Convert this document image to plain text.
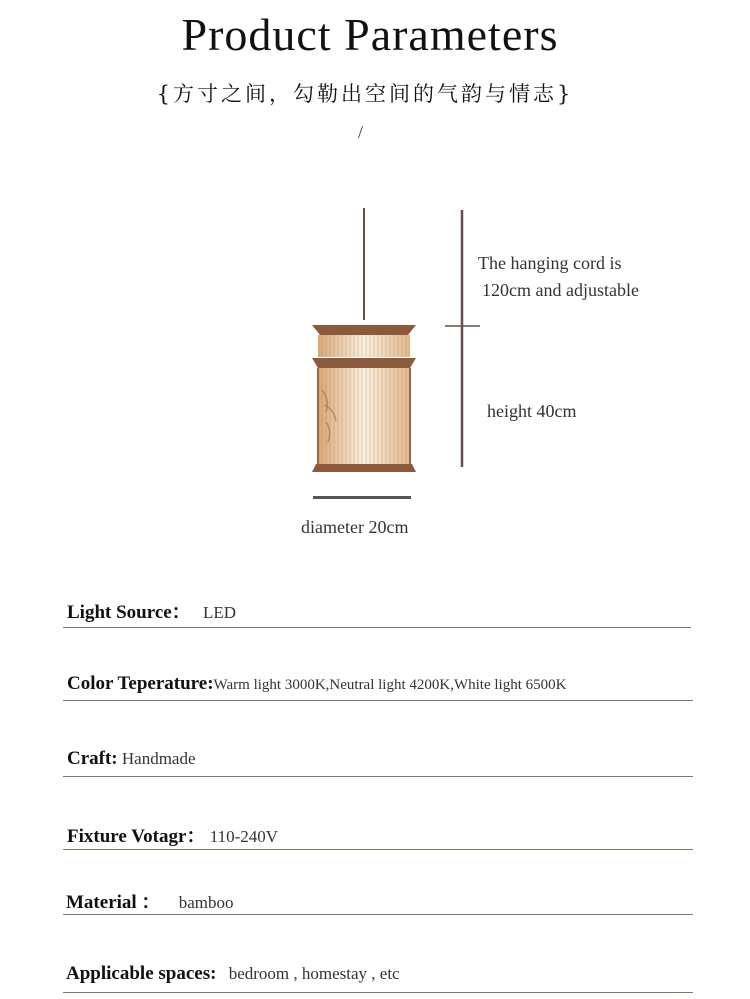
Product Parameters
{方寸之间，勾勒出空间的气韵与情志}
/
The hanging cord is
120cm and adjustable
height 40cm
diameter 20cm
Light Source： LED
Color Teperature:Warm light 3000K,Neutral light 4200K,White light 6500K
Craft: Handmade
Fixture Votagr： 110-240V
Material ： bamboo
Applicable spaces: bedroom , homestay , etc
